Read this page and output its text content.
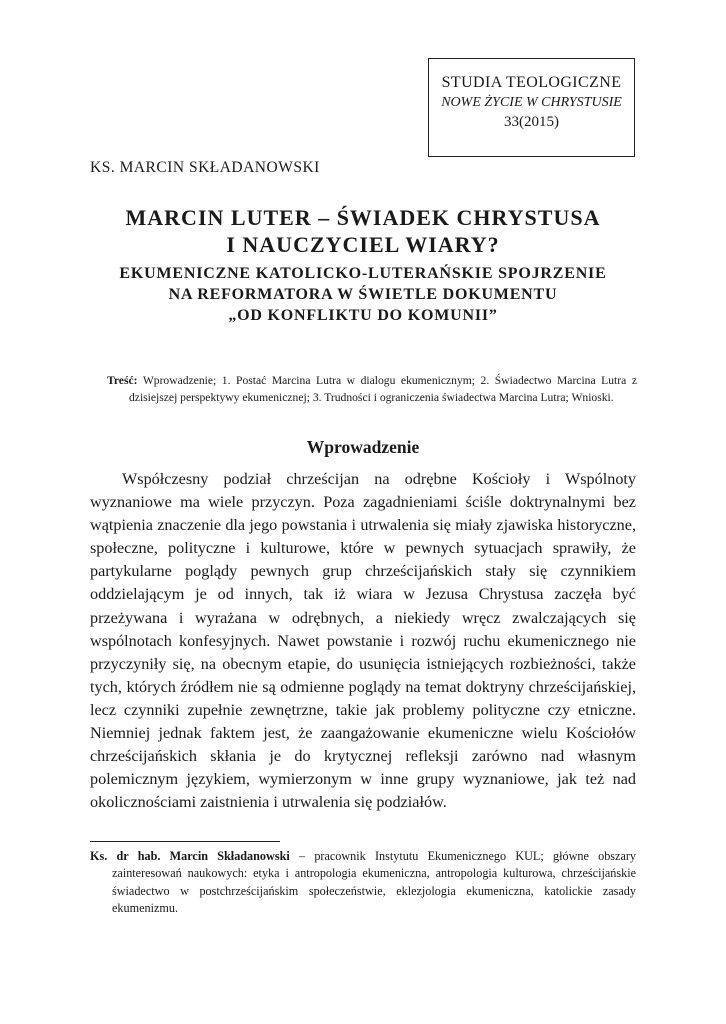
STUDIA TEOLOGICZNE
NOWE ŻYCIE W CHRYSTUSIE
33(2015)
KS. MARCIN SKŁADANOWSKI
MARCIN LUTER – ŚWIADEK CHRYSTUSA
I NAUCZYCIEL WIARY?
EKUMENICZNE KATOLICKO-LUTERAŃSKIE SPOJRZENIE
NA REFORMATORA W ŚWIETLE DOKUMENTU
„OD KONFLIKTU DO KOMUNII”
Treść: Wprowadzenie; 1. Postać Marcina Lutra w dialogu ekumenicznym; 2. Świadectwo Marcina Lutra z dzisiejszej perspektywy ekumenicznej; 3. Trudności i ograniczenia świadectwa Marcina Lutra; Wnioski.
Wprowadzenie

Współczesny podział chrześcijan na odrębne Kościoły i Wspólnoty wyznaniowe ma wiele przyczyn. Poza zagadnieniami ściśle doktrynalnymi bez wątpienia znaczenie dla jego powstania i utrwalenia się miały zjawiska historyczne, społeczne, polityczne i kulturowe, które w pewnych sytuacjach sprawiły, że partykularne poglądy pewnych grup chrześcijańskich stały się czynnikiem oddzielającym je od innych, tak iż wiara w Jezusa Chrystusa zaczęła być przeżywana i wyrażana w odrębnych, a niekiedy wręcz zwalczających się wspólnotach konfesyjnych. Nawet powstanie i rozwój ruchu ekumenicznego nie przyczyniły się, na obecnym etapie, do usunięcia istniejących rozbieżności, także tych, których źródłem nie są odmienne poglądy na temat doktryny chrześcijańskiej, lecz czynniki zupełnie zewnętrzne, takie jak problemy polityczne czy etniczne. Niemniej jednak faktem jest, że zaangażowanie ekumeniczne wielu Kościołów chrześcijańskich skłania je do krytycznej refleksji zarówno nad własnym polemicznym językiem, wymierzonym w inne grupy wyznaniowe, jak też nad okolicznościami zaistnienia i utrwalenia się podziałów.

Ks. dr hab. Marcin Składanowski – pracownik Instytutu Ekumenicznego KUL; główne obszary zainteresowań naukowych: etyka i antropologia ekumeniczna, antropologia kulturowa, chrześcijańskie świadectwo w postchrześcijańskim społeczeństwie, eklezjologia ekumeniczna, katolickie zasady ekumenizmu.
